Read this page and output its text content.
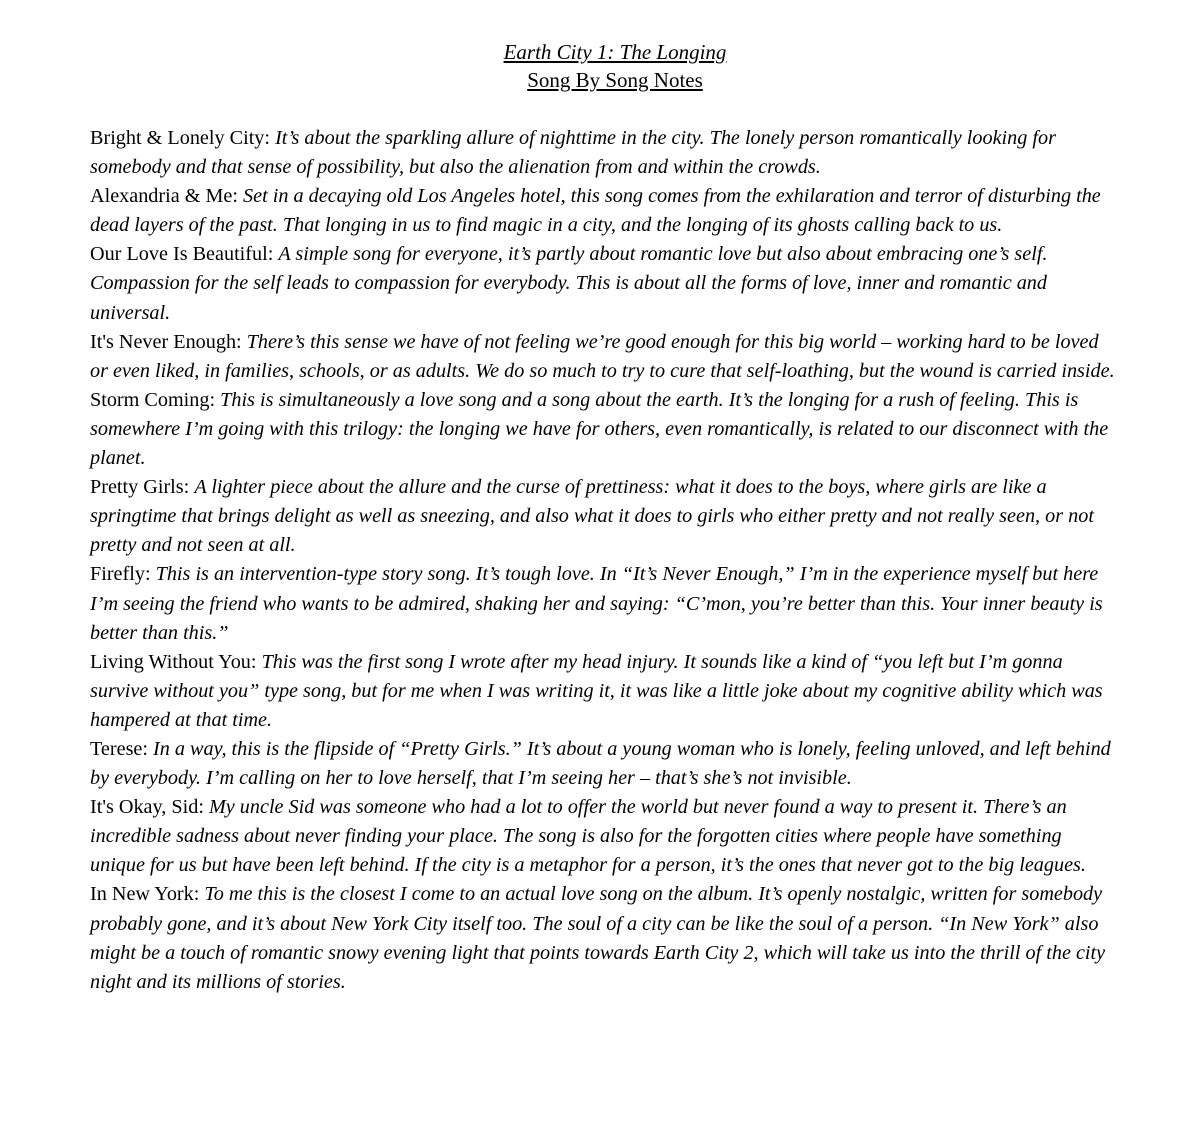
Earth City 1: The Longing
Song By Song Notes

Bright & Lonely City: It’s about the sparkling allure of nighttime in the city. The lonely person romantically looking for somebody and that sense of possibility, but also the alienation from and within the crowds.

Alexandria & Me: Set in a decaying old Los Angeles hotel, this song comes from the exhilaration and terror of disturbing the dead layers of the past. That longing in us to find magic in a city, and the longing of its ghosts calling back to us.

Our Love Is Beautiful: A simple song for everyone, it’s partly about romantic love but also about embracing one’s self. Compassion for the self leads to compassion for everybody. This is about all the forms of love, inner and romantic and universal.

It's Never Enough: There’s this sense we have of not feeling we’re good enough for this big world – working hard to be loved or even liked, in families, schools, or as adults. We do so much to try to cure that self-loathing, but the wound is carried inside.

Storm Coming: This is simultaneously a love song and a song about the earth. It’s the longing for a rush of feeling. This is somewhere I’m going with this trilogy: the longing we have for others, even romantically, is related to our disconnect with the planet.

Pretty Girls: A lighter piece about the allure and the curse of prettiness: what it does to the boys, where girls are like a springtime that brings delight as well as sneezing, and also what it does to girls who either pretty and not really seen, or not pretty and not seen at all.

Firefly: This is an intervention-type story song. It’s tough love. In “It’s Never Enough,” I’m in the experience myself but here I’m seeing the friend who wants to be admired, shaking her and saying: “C’mon, you’re better than this. Your inner beauty is better than this.”

Living Without You: This was the first song I wrote after my head injury. It sounds like a kind of “you left but I’m gonna survive without you” type song, but for me when I was writing it, it was like a little joke about my cognitive ability which was hampered at that time.

Terese: In a way, this is the flipside of “Pretty Girls.” It’s about a young woman who is lonely, feeling unloved, and left behind by everybody. I’m calling on her to love herself, that I’m seeing her – that’s she’s not invisible.

It's Okay, Sid: My uncle Sid was someone who had a lot to offer the world but never found a way to present it. There’s an incredible sadness about never finding your place. The song is also for the forgotten cities where people have something unique for us but have been left behind. If the city is a metaphor for a person, it’s the ones that never got to the big leagues.

In New York: To me this is the closest I come to an actual love song on the album. It’s openly nostalgic, written for somebody probably gone, and it’s about New York City itself too. The soul of a city can be like the soul of a person. “In New York” also might be a touch of romantic snowy evening light that points towards Earth City 2, which will take us into the thrill of the city night and its millions of stories.
